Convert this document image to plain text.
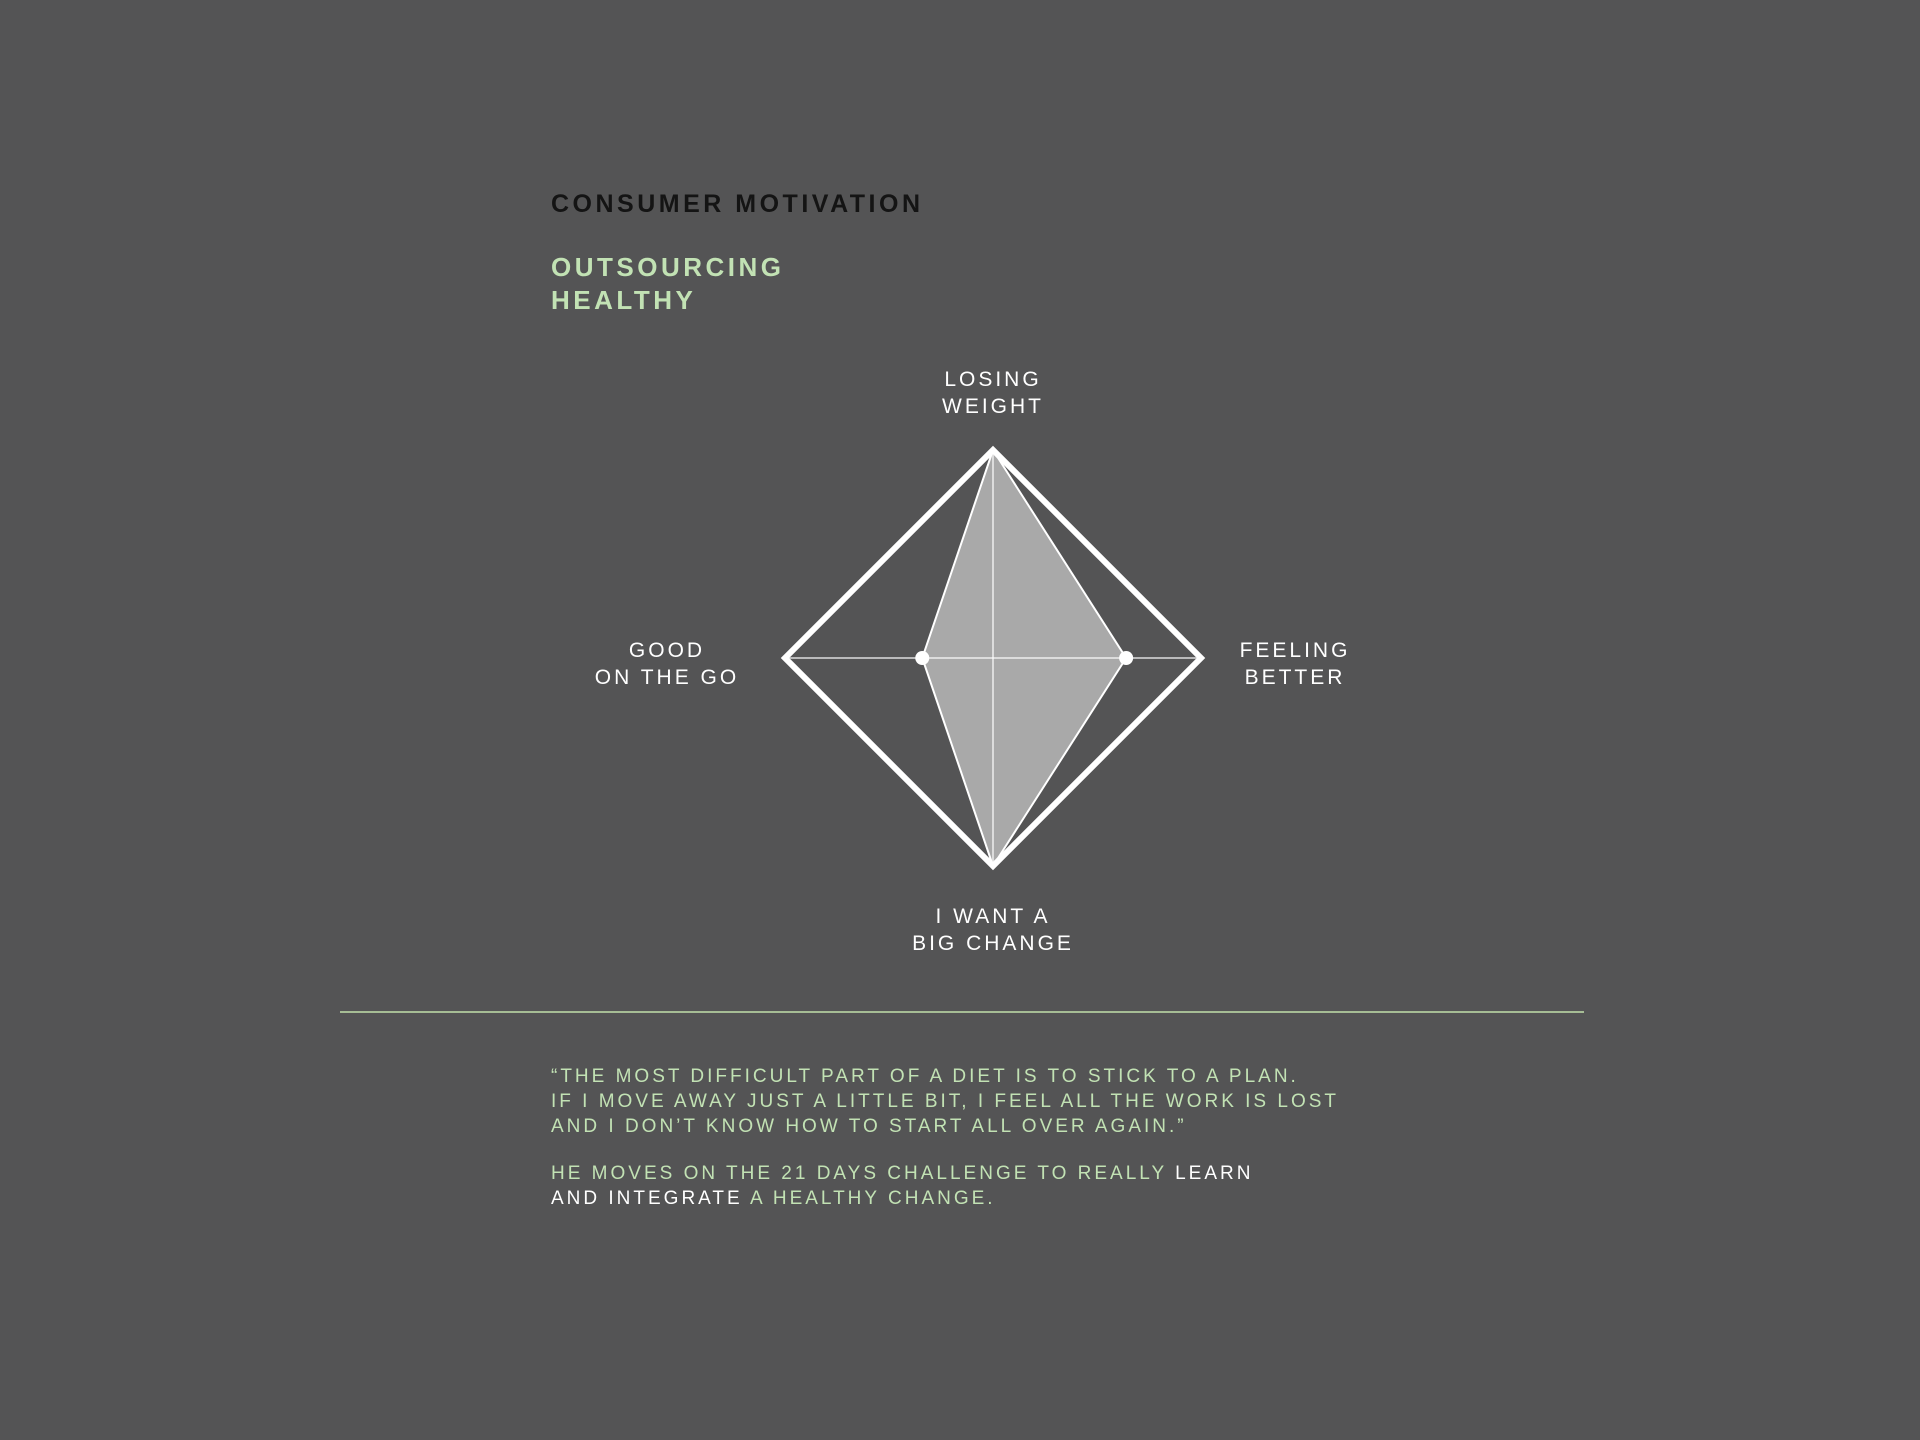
CONSUMER MOTIVATION
OUTSOURCING
HEALTHY
LOSING
WEIGHT
FEELING
BETTER
GOOD
ON THE GO
I WANT A
BIG CHANGE
“THE MOST DIFFICULT PART OF A DIET IS TO STICK TO A PLAN.
IF I MOVE AWAY JUST A LITTLE BIT, I FEEL ALL THE WORK IS LOST
AND I DON’T KNOW HOW TO START ALL OVER AGAIN.”
HE MOVES ON THE 21 DAYS CHALLENGE TO REALLY LEARN
AND INTEGRATE A HEALTHY CHANGE.
